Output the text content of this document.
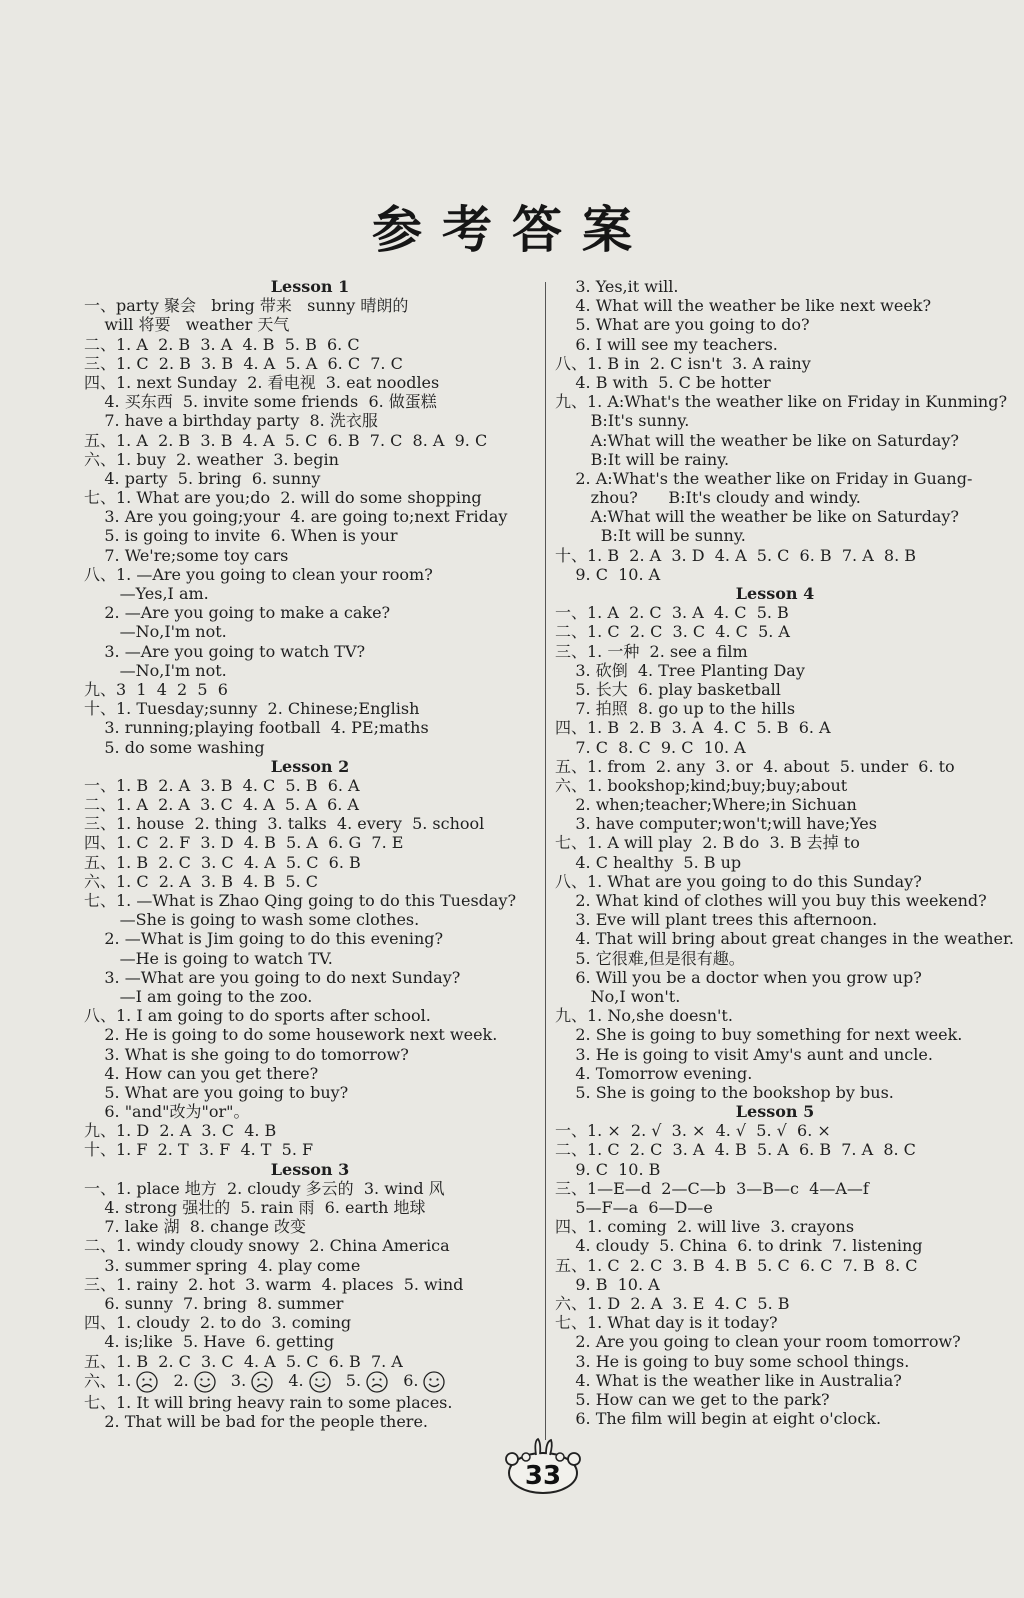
参考答案
Lesson 1
一、party 聚会   bring 带来   sunny 晴朗的
will 将要   weather 天气
二、1. A  2. B  3. A  4. B  5. B  6. C
三、1. C  2. B  3. B  4. A  5. A  6. C  7. C
四、1. next Sunday  2. 看电视  3. eat noodles
4. 买东西  5. invite some friends  6. 做蛋糕
7. have a birthday party  8. 洗衣服
五、1. A  2. B  3. B  4. A  5. C  6. B  7. C  8. A  9. C
六、1. buy  2. weather  3. begin
4. party  5. bring  6. sunny
七、1. What are you;do  2. will do some shopping
3. Are you going;your  4. are going to;next Friday
5. is going to invite  6. When is your
7. We're;some toy cars
八、1. —Are you going to clean your room?
—Yes,I am.
2. —Are you going to make a cake?
—No,I'm not.
3. —Are you going to watch TV?
—No,I'm not.
九、3  1  4  2  5  6
十、1. Tuesday;sunny  2. Chinese;English
3. running;playing football  4. PE;maths
5. do some washing
Lesson 2
一、1. B  2. A  3. B  4. C  5. B  6. A
二、1. A  2. A  3. C  4. A  5. A  6. A
三、1. house  2. thing  3. talks  4. every  5. school
四、1. C  2. F  3. D  4. B  5. A  6. G  7. E
五、1. B  2. C  3. C  4. A  5. C  6. B
六、1. C  2. A  3. B  4. B  5. C
七、1. —What is Zhao Qing going to do this Tuesday?
—She is going to wash some clothes.
2. —What is Jim going to do this evening?
—He is going to watch TV.
3. —What are you going to do next Sunday?
—I am going to the zoo.
八、1. I am going to do sports after school.
2. He is going to do some housework next week.
3. What is she going to do tomorrow?
4. How can you get there?
5. What are you going to buy?
6. "and"改为"or"。
九、1. D  2. A  3. C  4. B
十、1. F  2. T  3. F  4. T  5. F
Lesson 3
一、1. place 地方  2. cloudy 多云的  3. wind 风
4. strong 强壮的  5. rain 雨  6. earth 地球
7. lake 湖  8. change 改变
二、1. windy cloudy snowy  2. China America
3. summer spring  4. play come
三、1. rainy  2. hot  3. warm  4. places  5. wind
6. sunny  7. bring  8. summer
四、1. cloudy  2. to do  3. coming
4. is;like  5. Have  6. getting
五、1. B  2. C  3. C  4. A  5. C  6. B  7. A
六、1.	2.	3.	4.	5.	6.
七、1. It will bring heavy rain to some places.
2. That will be bad for the people there.
3. Yes,it will.
4. What will the weather be like next week?
5. What are you going to do?
6. I will see my teachers.
八、1. B in  2. C isn't  3. A rainy
4. B with  5. C be hotter
九、1. A:What's the weather like on Friday in Kunming?
B:It's sunny.
A:What will the weather be like on Saturday?
B:It will be rainy.
2. A:What's the weather like on Friday in Guang-
zhou?      B:It's cloudy and windy.
A:What will the weather be like on Saturday?
B:It will be sunny.
十、1. B  2. A  3. D  4. A  5. C  6. B  7. A  8. B
9. C  10. A
Lesson 4
一、1. A  2. C  3. A  4. C  5. B
二、1. C  2. C  3. C  4. C  5. A
三、1. 一种  2. see a film
3. 砍倒  4. Tree Planting Day
5. 长大  6. play basketball
7. 拍照  8. go up to the hills
四、1. B  2. B  3. A  4. C  5. B  6. A
7. C  8. C  9. C  10. A
五、1. from  2. any  3. or  4. about  5. under  6. to
六、1. bookshop;kind;buy;buy;about
2. when;teacher;Where;in Sichuan
3. have computer;won't;will have;Yes
七、1. A will play  2. B do  3. B 去掉 to
4. C healthy  5. B up
八、1. What are you going to do this Sunday?
2. What kind of clothes will you buy this weekend?
3. Eve will plant trees this afternoon.
4. That will bring about great changes in the weather.
5. 它很难,但是很有趣。
6. Will you be a doctor when you grow up?
No,I won't.
九、1. No,she doesn't.
2. She is going to buy something for next week.
3. He is going to visit Amy's aunt and uncle.
4. Tomorrow evening.
5. She is going to the bookshop by bus.
Lesson 5
一、1. ×  2. √  3. ×  4. √  5. √  6. ×
二、1. C  2. C  3. A  4. B  5. A  6. B  7. A  8. C
9. C  10. B
三、1—E—d  2—C—b  3—B—c  4—A—f
5—F—a  6—D—e
四、1. coming  2. will live  3. crayons
4. cloudy  5. China  6. to drink  7. listening
五、1. C  2. C  3. B  4. B  5. C  6. C  7. B  8. C
9. B  10. A
六、1. D  2. A  3. E  4. C  5. B
七、1. What day is it today?
2. Are you going to clean your room tomorrow?
3. He is going to buy some school things.
4. What is the weather like in Australia?
5. How can we get to the park?
6. The film will begin at eight o'clock.
33
